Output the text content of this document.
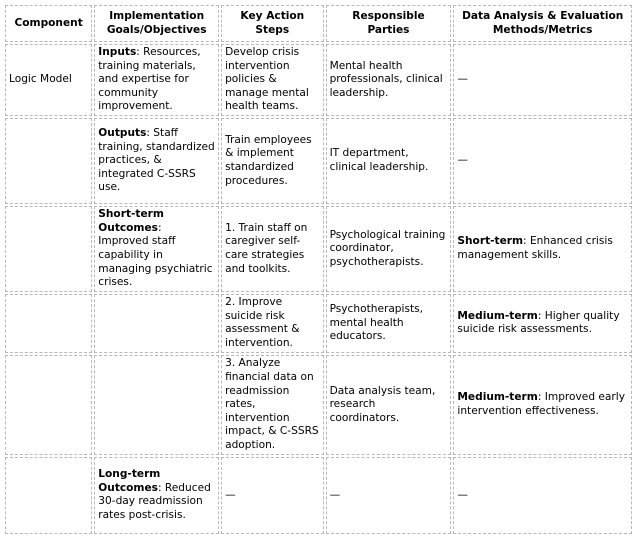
Component	Implementation Goals/Objectives	Key Action Steps	Responsible Parties	Data Analysis & Evaluation Methods/Metrics
Logic Model	Inputs: Resources, training materials, and expertise for community improvement.	Develop crisis intervention policies & manage mental health teams.	Mental health professionals, clinical leadership.	—
	Outputs: Staff training, standardized practices, & integrated C-SSRS use.	Train employees & implement standardized procedures.	IT department, clinical leadership.	—
	Short-term Outcomes: Improved staff capability in managing psychiatric crises.	1. Train staff on caregiver self-care strategies and toolkits.	Psychological training coordinator, psychotherapists.	Short-term: Enhanced crisis management skills.
		2. Improve suicide risk assessment & intervention.	Psychotherapists, mental health educators.	Medium-term: Higher quality suicide risk assessments.
		3. Analyze financial data on readmission rates, intervention impact, & C-SSRS adoption.	Data analysis team, research coordinators.	Medium-term: Improved early intervention effectiveness.
	Long-term Outcomes: Reduced 30-day readmission rates post-crisis.	—	—	—
